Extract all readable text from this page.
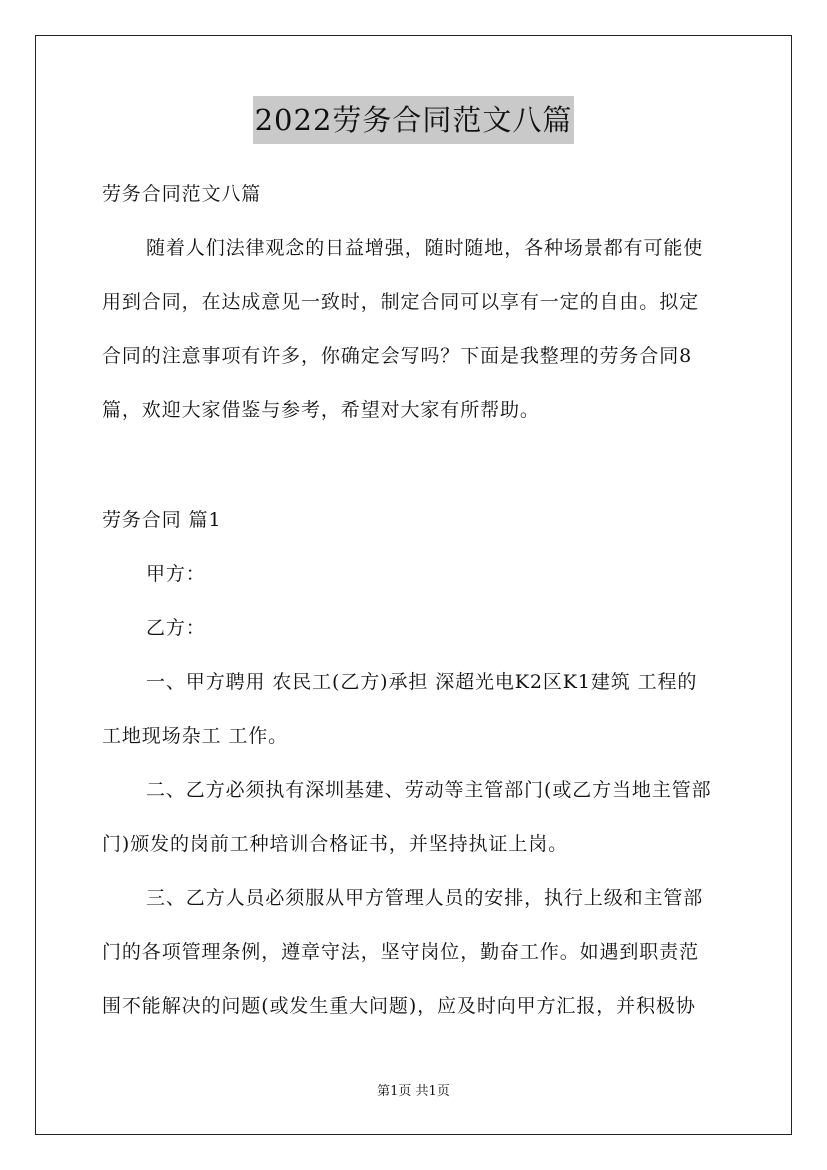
2022劳务合同范文八篇
劳务合同范文八篇
随着人们法律观念的日益增强，随时随地，各种场景都有可能使
用到合同，在达成意见一致时，制定合同可以享有一定的自由。拟定
合同的注意事项有许多，你确定会写吗？下面是我整理的劳务合同8
篇，欢迎大家借鉴与参考，希望对大家有所帮助。
劳务合同 篇1
甲方：
乙方：
一、甲方聘用 农民工(乙方)承担 深超光电K2区K1建筑 工程的
工地现场杂工 工作。
二、乙方必须执有深圳基建、劳动等主管部门(或乙方当地主管部
门)颁发的岗前工种培训合格证书，并坚持执证上岗。
三、乙方人员必须服从甲方管理人员的安排，执行上级和主管部
门的各项管理条例，遵章守法，坚守岗位，勤奋工作。如遇到职责范
围不能解决的问题(或发生重大问题)，应及时向甲方汇报，并积极协
第1页 共1页
